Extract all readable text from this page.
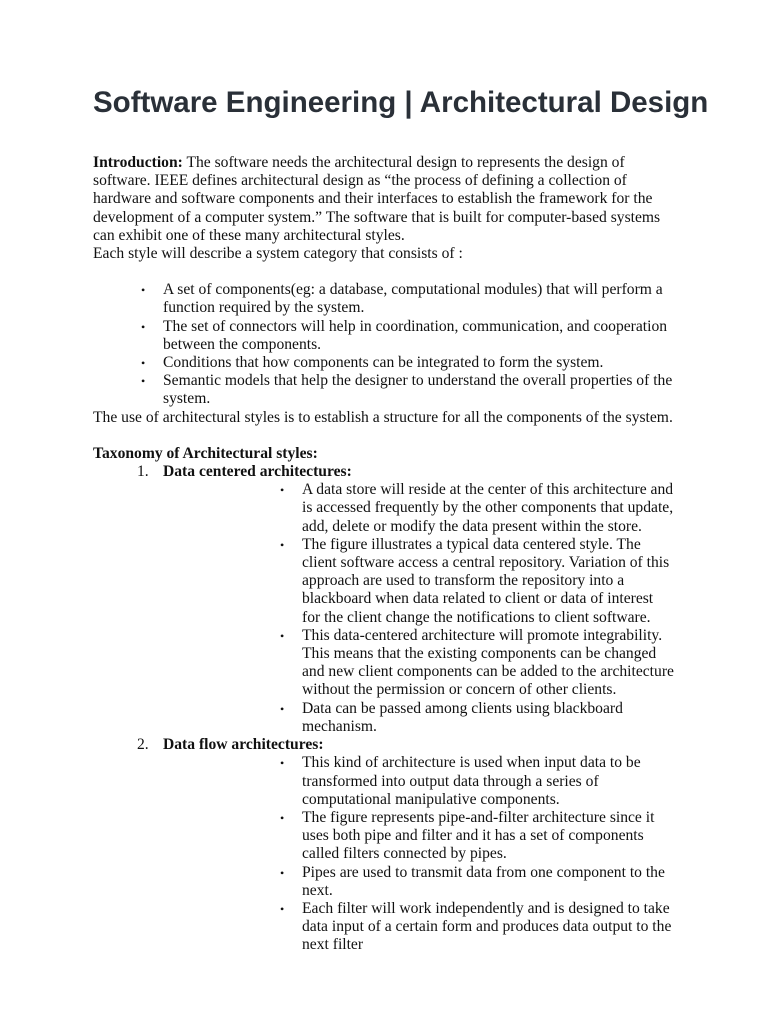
Software Engineering | Architectural Design

Introduction: The software needs the architectural design to represents the design of software. IEEE defines architectural design as “the process of defining a collection of hardware and software components and their interfaces to establish the framework for the development of a computer system.” The software that is built for computer-based systems can exhibit one of these many architectural styles.

Each style will describe a system category that consists of :

• A set of components(eg: a database, computational modules) that will perform a function required by the system.
• The set of connectors will help in coordination, communication, and cooperation between the components.
• Conditions that how components can be integrated to form the system.
• Semantic models that help the designer to understand the overall properties of the system.

The use of architectural styles is to establish a structure for all the components of the system.

Taxonomy of Architectural styles:

1. Data centered architectures:
• A data store will reside at the center of this architecture and is accessed frequently by the other components that update, add, delete or modify the data present within the store.
• The figure illustrates a typical data centered style. The client software access a central repository. Variation of this approach are used to transform the repository into a blackboard when data related to client or data of interest for the client change the notifications to client software.
• This data-centered architecture will promote integrability. This means that the existing components can be changed and new client components can be added to the architecture without the permission or concern of other clients.
• Data can be passed among clients using blackboard mechanism.
2. Data flow architectures:
• This kind of architecture is used when input data to be transformed into output data through a series of computational manipulative components.
• The figure represents pipe-and-filter architecture since it uses both pipe and filter and it has a set of components called filters connected by pipes.
• Pipes are used to transmit data from one component to the next.
• Each filter will work independently and is designed to take data input of a certain form and produces data output to the next filter
